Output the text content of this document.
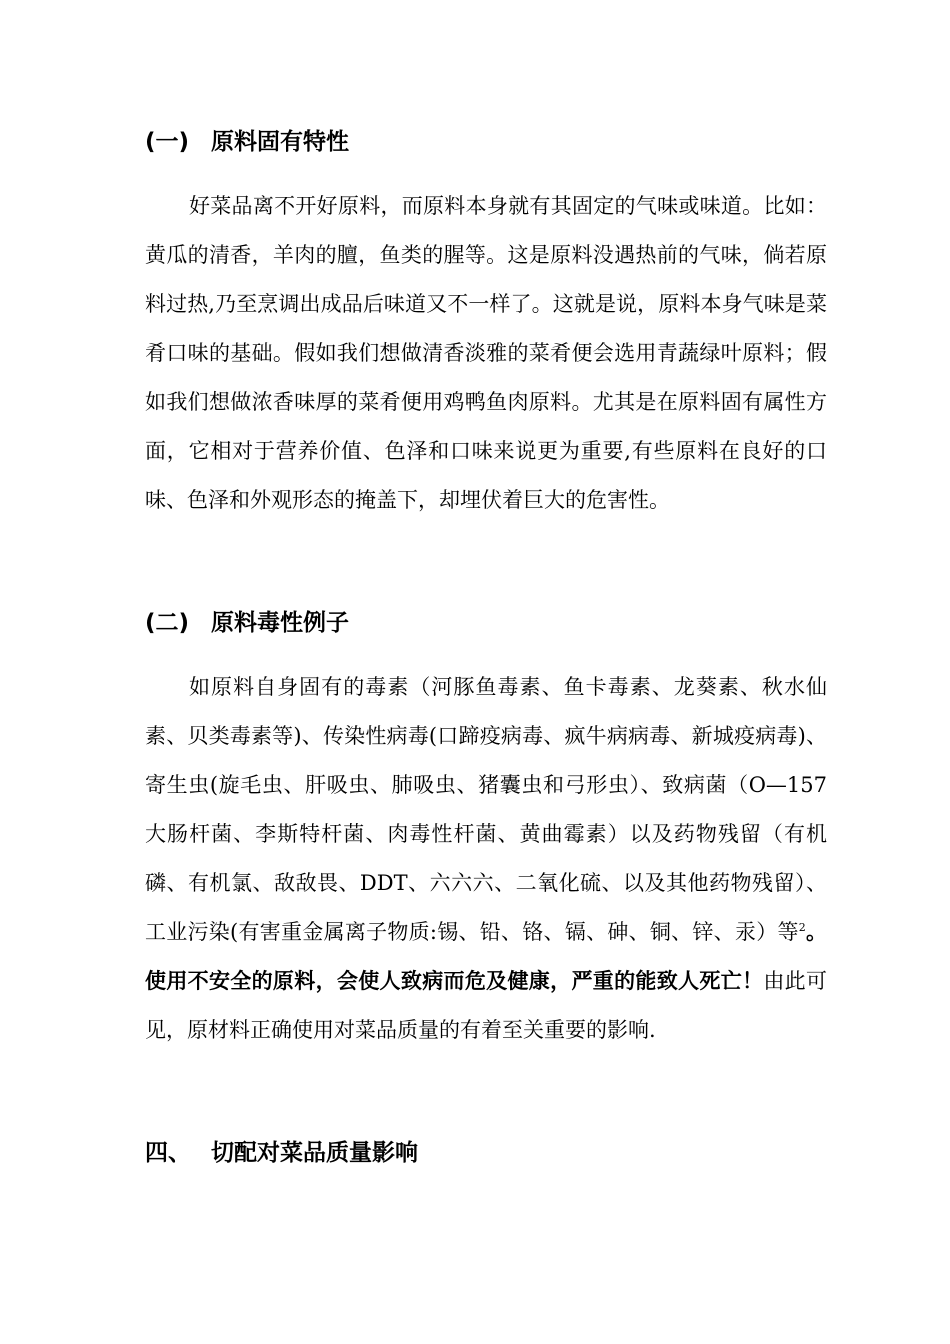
(一) 原料固有特性

好菜品离不开好原料，而原料本身就有其固定的气味或味道。比如：黄瓜的清香，羊肉的膻，鱼类的腥等。这是原料没遇热前的气味，倘若原料过热,乃至烹调出成品后味道又不一样了。这就是说，原料本身气味是菜肴口味的基础。假如我们想做清香淡雅的菜肴便会选用青蔬绿叶原料；假如我们想做浓香味厚的菜肴便用鸡鸭鱼肉原料。尤其是在原料固有属性方面，它相对于营养价值、色泽和口味来说更为重要,有些原料在良好的口味、色泽和外观形态的掩盖下，却埋伏着巨大的危害性。

(二) 原料毒性例子

如原料自身固有的毒素（河豚鱼毒素、鱼卡毒素、龙葵素、秋水仙素、贝类毒素等)、传染性病毒(口蹄疫病毒、疯牛病病毒、新城疫病毒)、寄生虫(旋毛虫、肝吸虫、肺吸虫、猪囊虫和弓形虫）、致病菌（O—157大肠杆菌、李斯特杆菌、肉毒性杆菌、黄曲霉素）以及药物残留（有机磷、有机氯、敌敌畏、DDT、六六六、二氧化硫、以及其他药物残留）、工业污染(有害重金属离子物质:锡、铅、铬、镉、砷、铜、锌、汞）等$^2$。使用不安全的原料，会使人致病而危及健康，严重的能致人死亡！由此可见，原材料正确使用对菜品质量的有着至关重要的影响.

四、 切配对菜品质量影响
